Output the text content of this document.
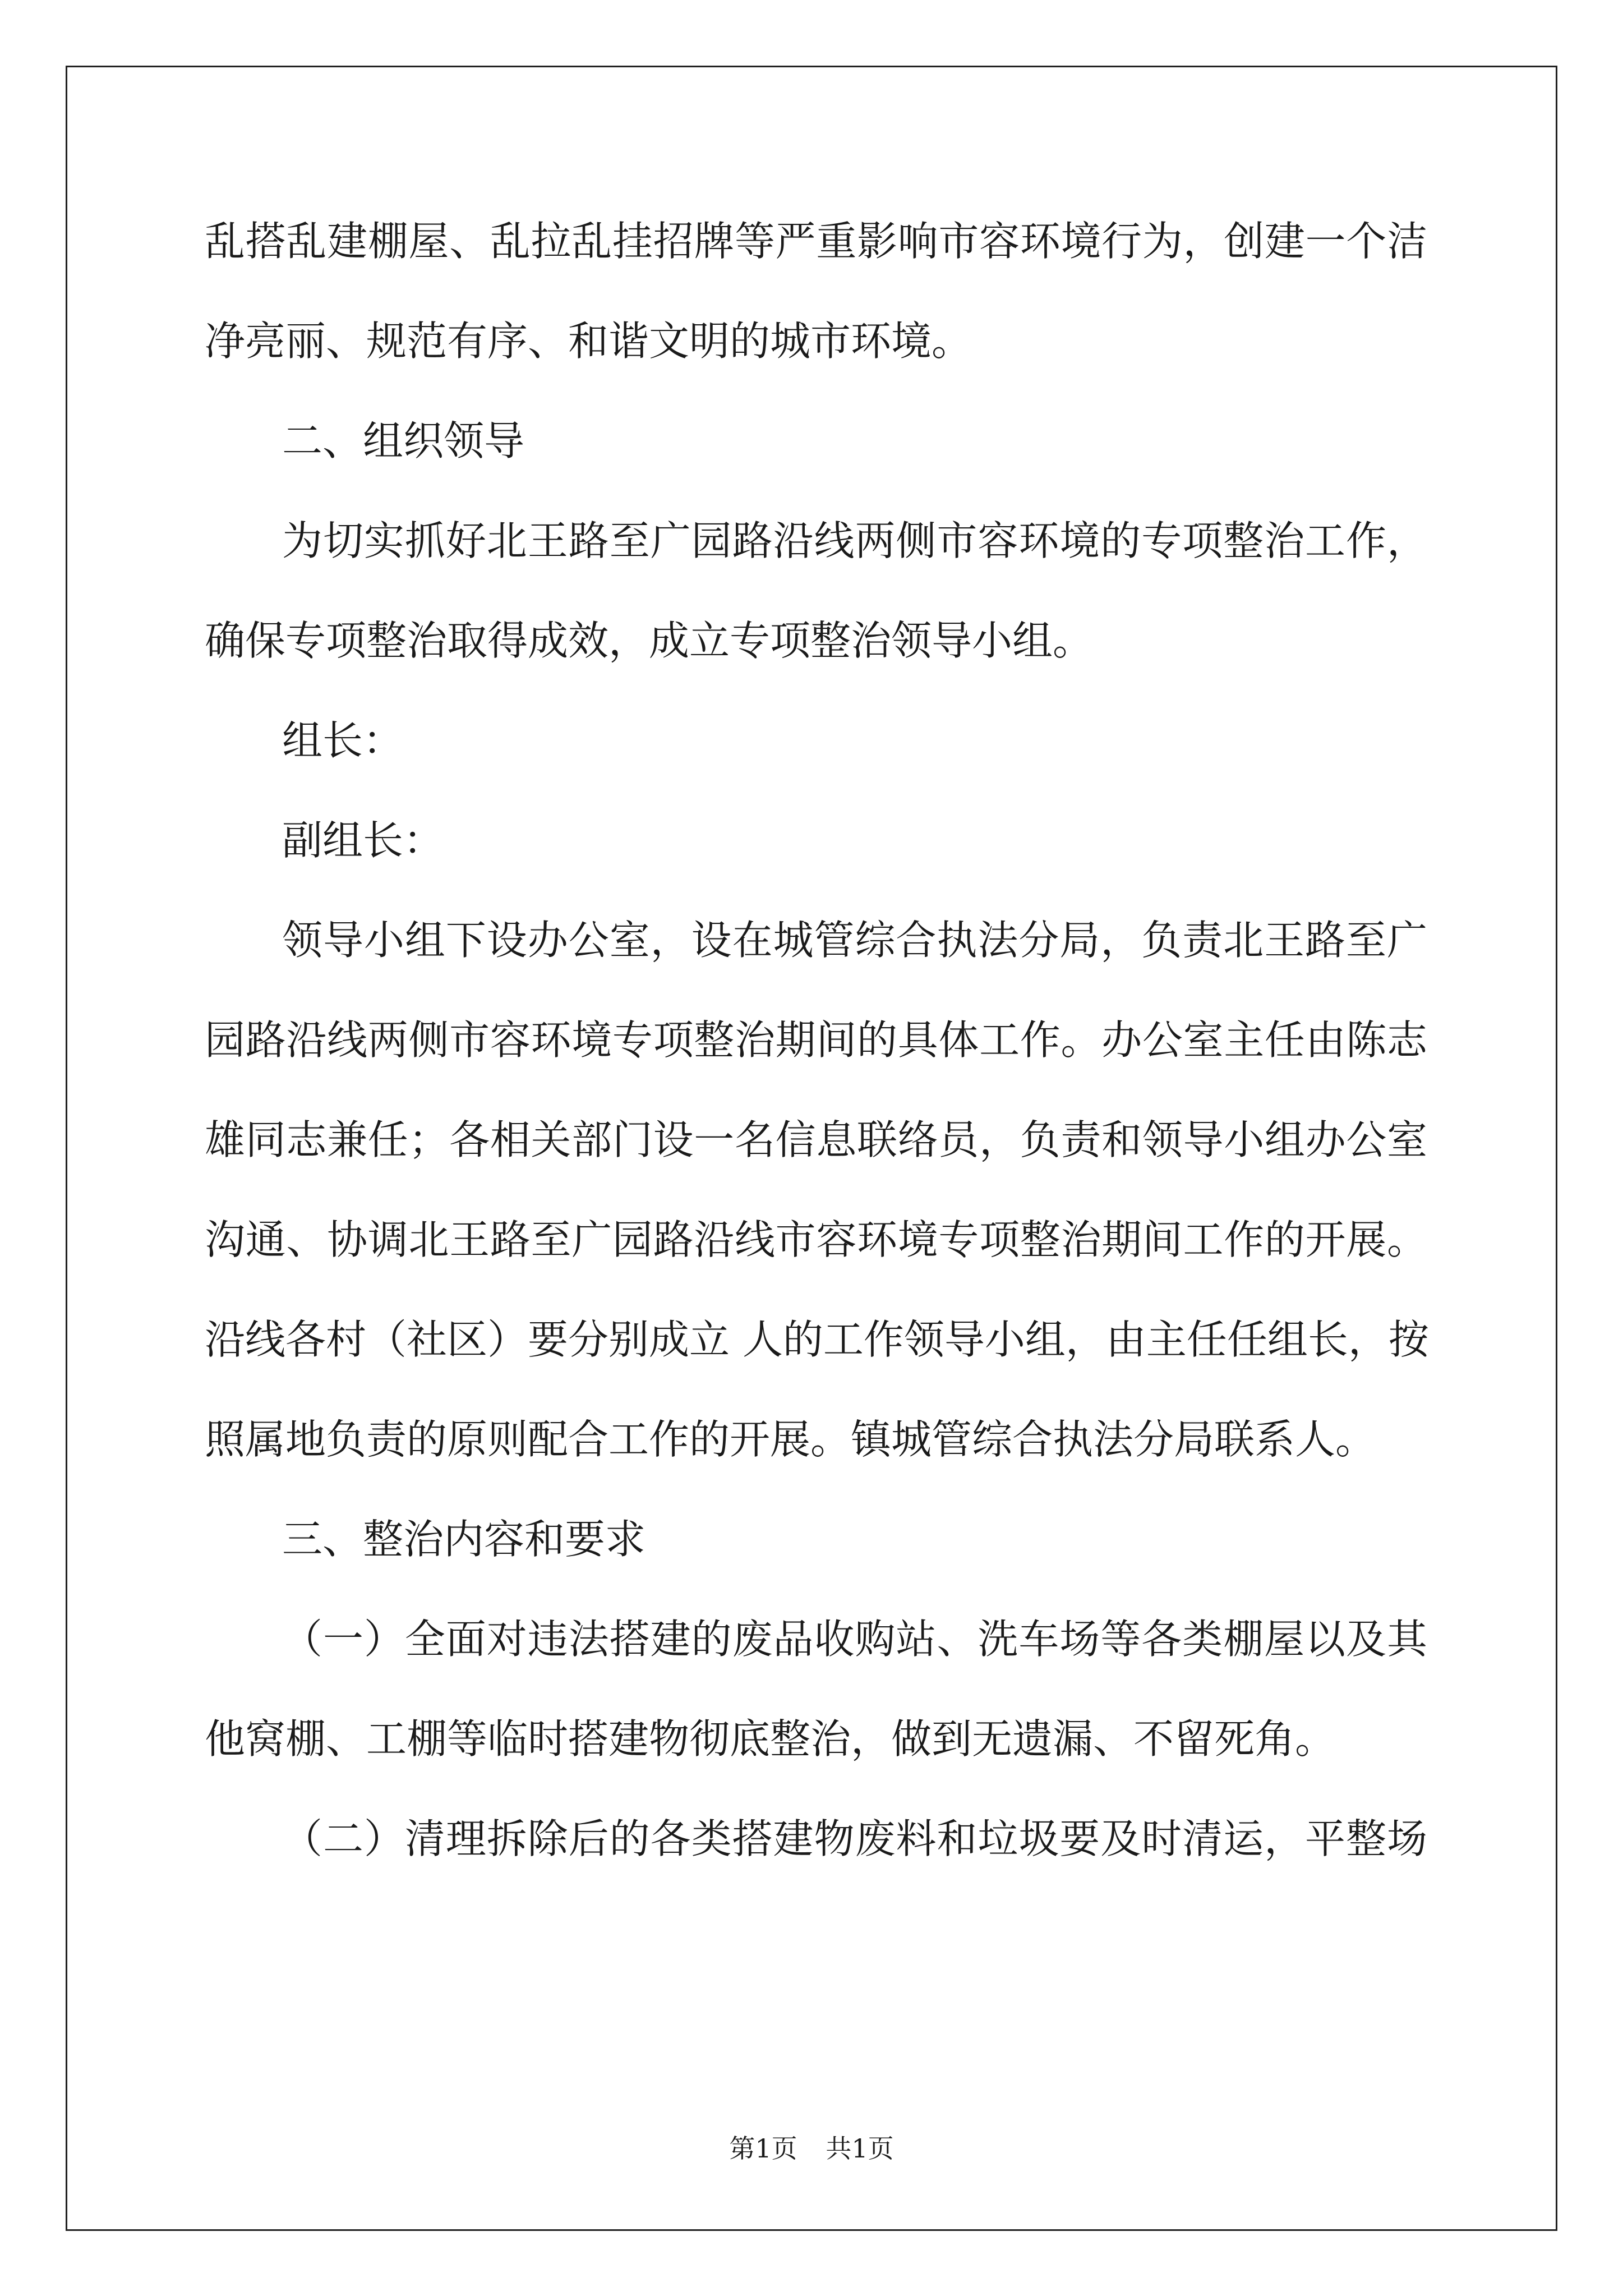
乱搭乱建棚屋、乱拉乱挂招牌等严重影响市容环境行为，创建一个洁
净亮丽、规范有序、和谐文明的城市环境。
二、组织领导
为切实抓好北王路至广园路沿线两侧市容环境的专项整治工作，
确保专项整治取得成效，成立专项整治领导小组。
组长：
副组长：
领导小组下设办公室，设在城管综合执法分局，负责北王路至广
园路沿线两侧市容环境专项整治期间的具体工作。办公室主任由陈志
雄同志兼任；各相关部门设一名信息联络员，负责和领导小组办公室
沟通、协调北王路至广园路沿线市容环境专项整治期间工作的开展。
沿线各村（社区）要分别成立 人的工作领导小组，由主任任组长，按
照属地负责的原则配合工作的开展。镇城管综合执法分局联系人。
三、整治内容和要求
（一）全面对违法搭建的废品收购站、洗车场等各类棚屋以及其
他窝棚、工棚等临时搭建物彻底整治，做到无遗漏、不留死角。
（二）清理拆除后的各类搭建物废料和垃圾要及时清运，平整场
第1页 共1页
